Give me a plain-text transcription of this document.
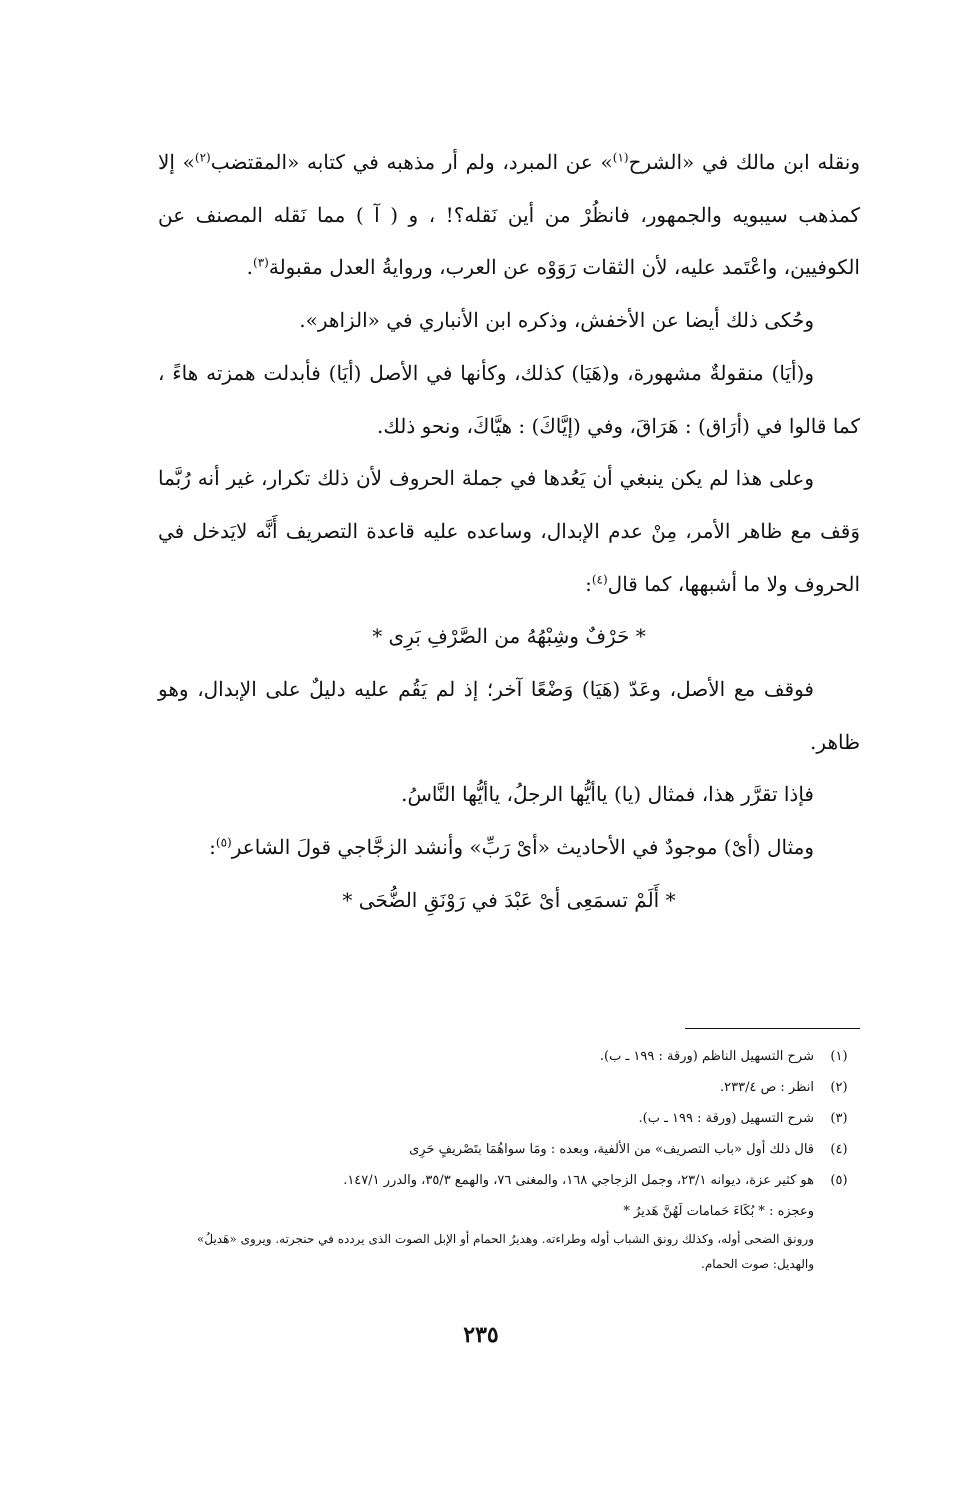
ونقله ابن مالك في «الشرح$^{(١)}$» عن المبرد، ولم أر مذهبه في كتابه «المقتضب$^{(٢)}$» إلا كمذهب سيبويه والجمهور، فانظُرْ من أين نَقله؟! ، و ( آ ) مما نَقله المصنف عن الكوفيين، واعْتَمد عليه، لأن الثقات رَوَوْه عن العرب، وروايةُ العدل مقبولة$^{(٣)}$.

وحُكى ذلك أيضا عن الأخفش، وذكره ابن الأنباري في «الزاهر».

و(أيَا) منقولةٌ مشهورة، و(هَيَا) كذلك، وكأنها في الأصل (أيَا) فأبدلت همزته هاءً ، كما قالوا في (أرَاق) : هَرَاقَ، وفي (إيَّاكَ) : هيَّاكَ، ونحو ذلك.

وعلى هذا لم يكن ينبغي أن يَعُدها في جملة الحروف لأن ذلك تكرار، غير أنه رُبَّما وَقف مع ظاهر الأمر، مِنْ عدم الإبدال، وساعده عليه قاعدة التصريف أَنَّه لايَدخل في الحروف ولا ما أشبهها، كما قال$^{(٤)}$:

* حَرْفٌ وشِبْهُهُ من الصَّرْفِ بَرِى *

فوقف مع الأصل، وعَدّ (هَيَا) وَضْعًا آخر؛ إذ لم يَقُم عليه دليلٌ على الإبدال، وهو ظاهر.

فإذا تقرَّر هذا، فمثال (يا) ياأيُّها الرجلُ، ياأيُّها النَّاسُ.

ومثال (أىْ) موجودٌ في الأحاديث «أىْ رَبِّ» وأنشد الزجَّاجي قولَ الشاعر$^{(٥)}$:

* أَلَمْ تسمَعِى أىْ عَبْدَ في رَوْنَقِ الضُّحَى *

(١)
شرح التسهيل الناظم (ورقة : ١٩٩ ـ ب).
(٢)
انظر : ص ٢٣٣/٤.
(٣)
شرح التسهيل (ورقة : ١٩٩ ـ ب).
(٤)
قال ذلك أول «باب التصريف» من الألفية، وبعده : ومَا سواهُمَا بتَصْريفٍ حَرِى
(٥)
هو كثير عزة، ديوانه ٢٣/١، وجمل الزجاجي ١٦٨، والمغنى ٧٦، والهمع ٣٥/٣، والدرر ١٤٧/١.
وعجزه : * بُكَاءَ حَمامات لَهُنَّ هَديرُ *
ورونق الضحى أوله، وكذلك رونق الشباب أوله وطراءته. وهديرُ الحمام أو الإبل الصوت الذى يردده في حنجرته. ويروى «هَديلُ» والهديل: صوت الحمام.
٢٣٥
